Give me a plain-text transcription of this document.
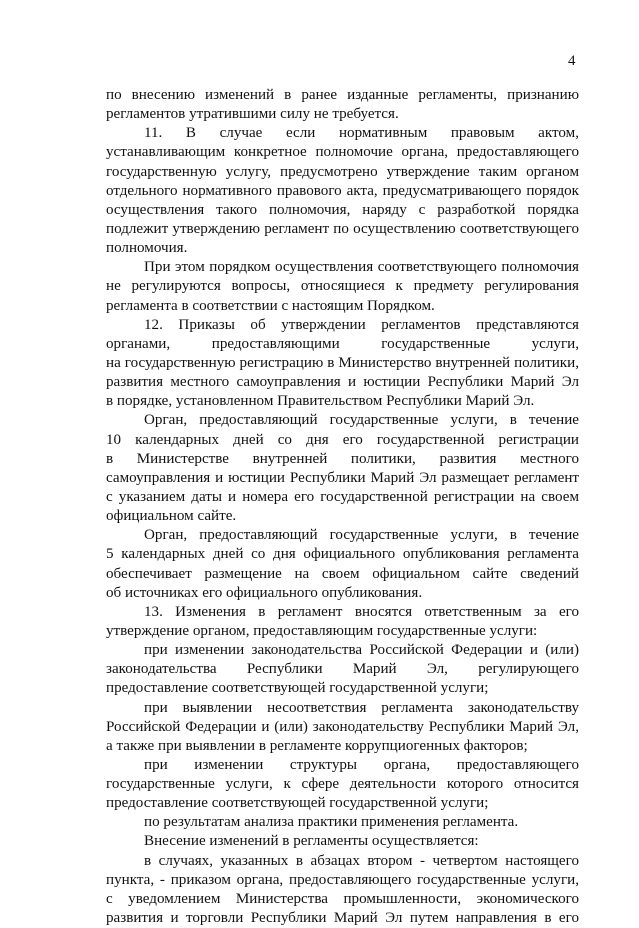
4
по внесению изменений в ранее изданные регламенты, признанию
регламентов утратившими силу не требуется.
11. В случае если нормативным правовым актом,
устанавливающим конкретное полномочие органа, предоставляющего
государственную услугу, предусмотрено утверждение таким органом
отдельного нормативного правового акта, предусматривающего порядок
осуществления такого полномочия, наряду с разработкой порядка
подлежит утверждению регламент по осуществлению соответствующего
полномочия.
При этом порядком осуществления соответствующего полномочия
не регулируются вопросы, относящиеся к предмету регулирования
регламента в соответствии с настоящим Порядком.
12. Приказы об утверждении регламентов представляются
органами, предоставляющими государственные услуги,
на государственную регистрацию в Министерство внутренней политики,
развития местного самоуправления и юстиции Республики Марий Эл
в порядке, установленном Правительством Республики Марий Эл.
Орган, предоставляющий государственные услуги, в течение
10 календарных дней со дня его государственной регистрации
в Министерстве внутренней политики, развития местного
самоуправления и юстиции Республики Марий Эл размещает регламент
с указанием даты и номера его государственной регистрации на своем
официальном сайте.
Орган, предоставляющий государственные услуги, в течение
5 календарных дней со дня официального опубликования регламента
обеспечивает размещение на своем официальном сайте сведений
об источниках его официального опубликования.
13. Изменения в регламент вносятся ответственным за его
утверждение органом, предоставляющим государственные услуги:
при изменении законодательства Российской Федерации и (или)
законодательства Республики Марий Эл, регулирующего
предоставление соответствующей государственной услуги;
при выявлении несоответствия регламента законодательству
Российской Федерации и (или) законодательству Республики Марий Эл,
а также при выявлении в регламенте коррупциогенных факторов;
при изменении структуры органа, предоставляющего
государственные услуги, к сфере деятельности которого относится
предоставление соответствующей государственной услуги;
по результатам анализа практики применения регламента.
Внесение изменений в регламенты осуществляется:
в случаях, указанных в абзацах втором - четвертом настоящего
пункта, - приказом органа, предоставляющего государственные услуги,
с уведомлением Министерства промышленности, экономического
развития и торговли Республики Марий Эл путем направления в его
